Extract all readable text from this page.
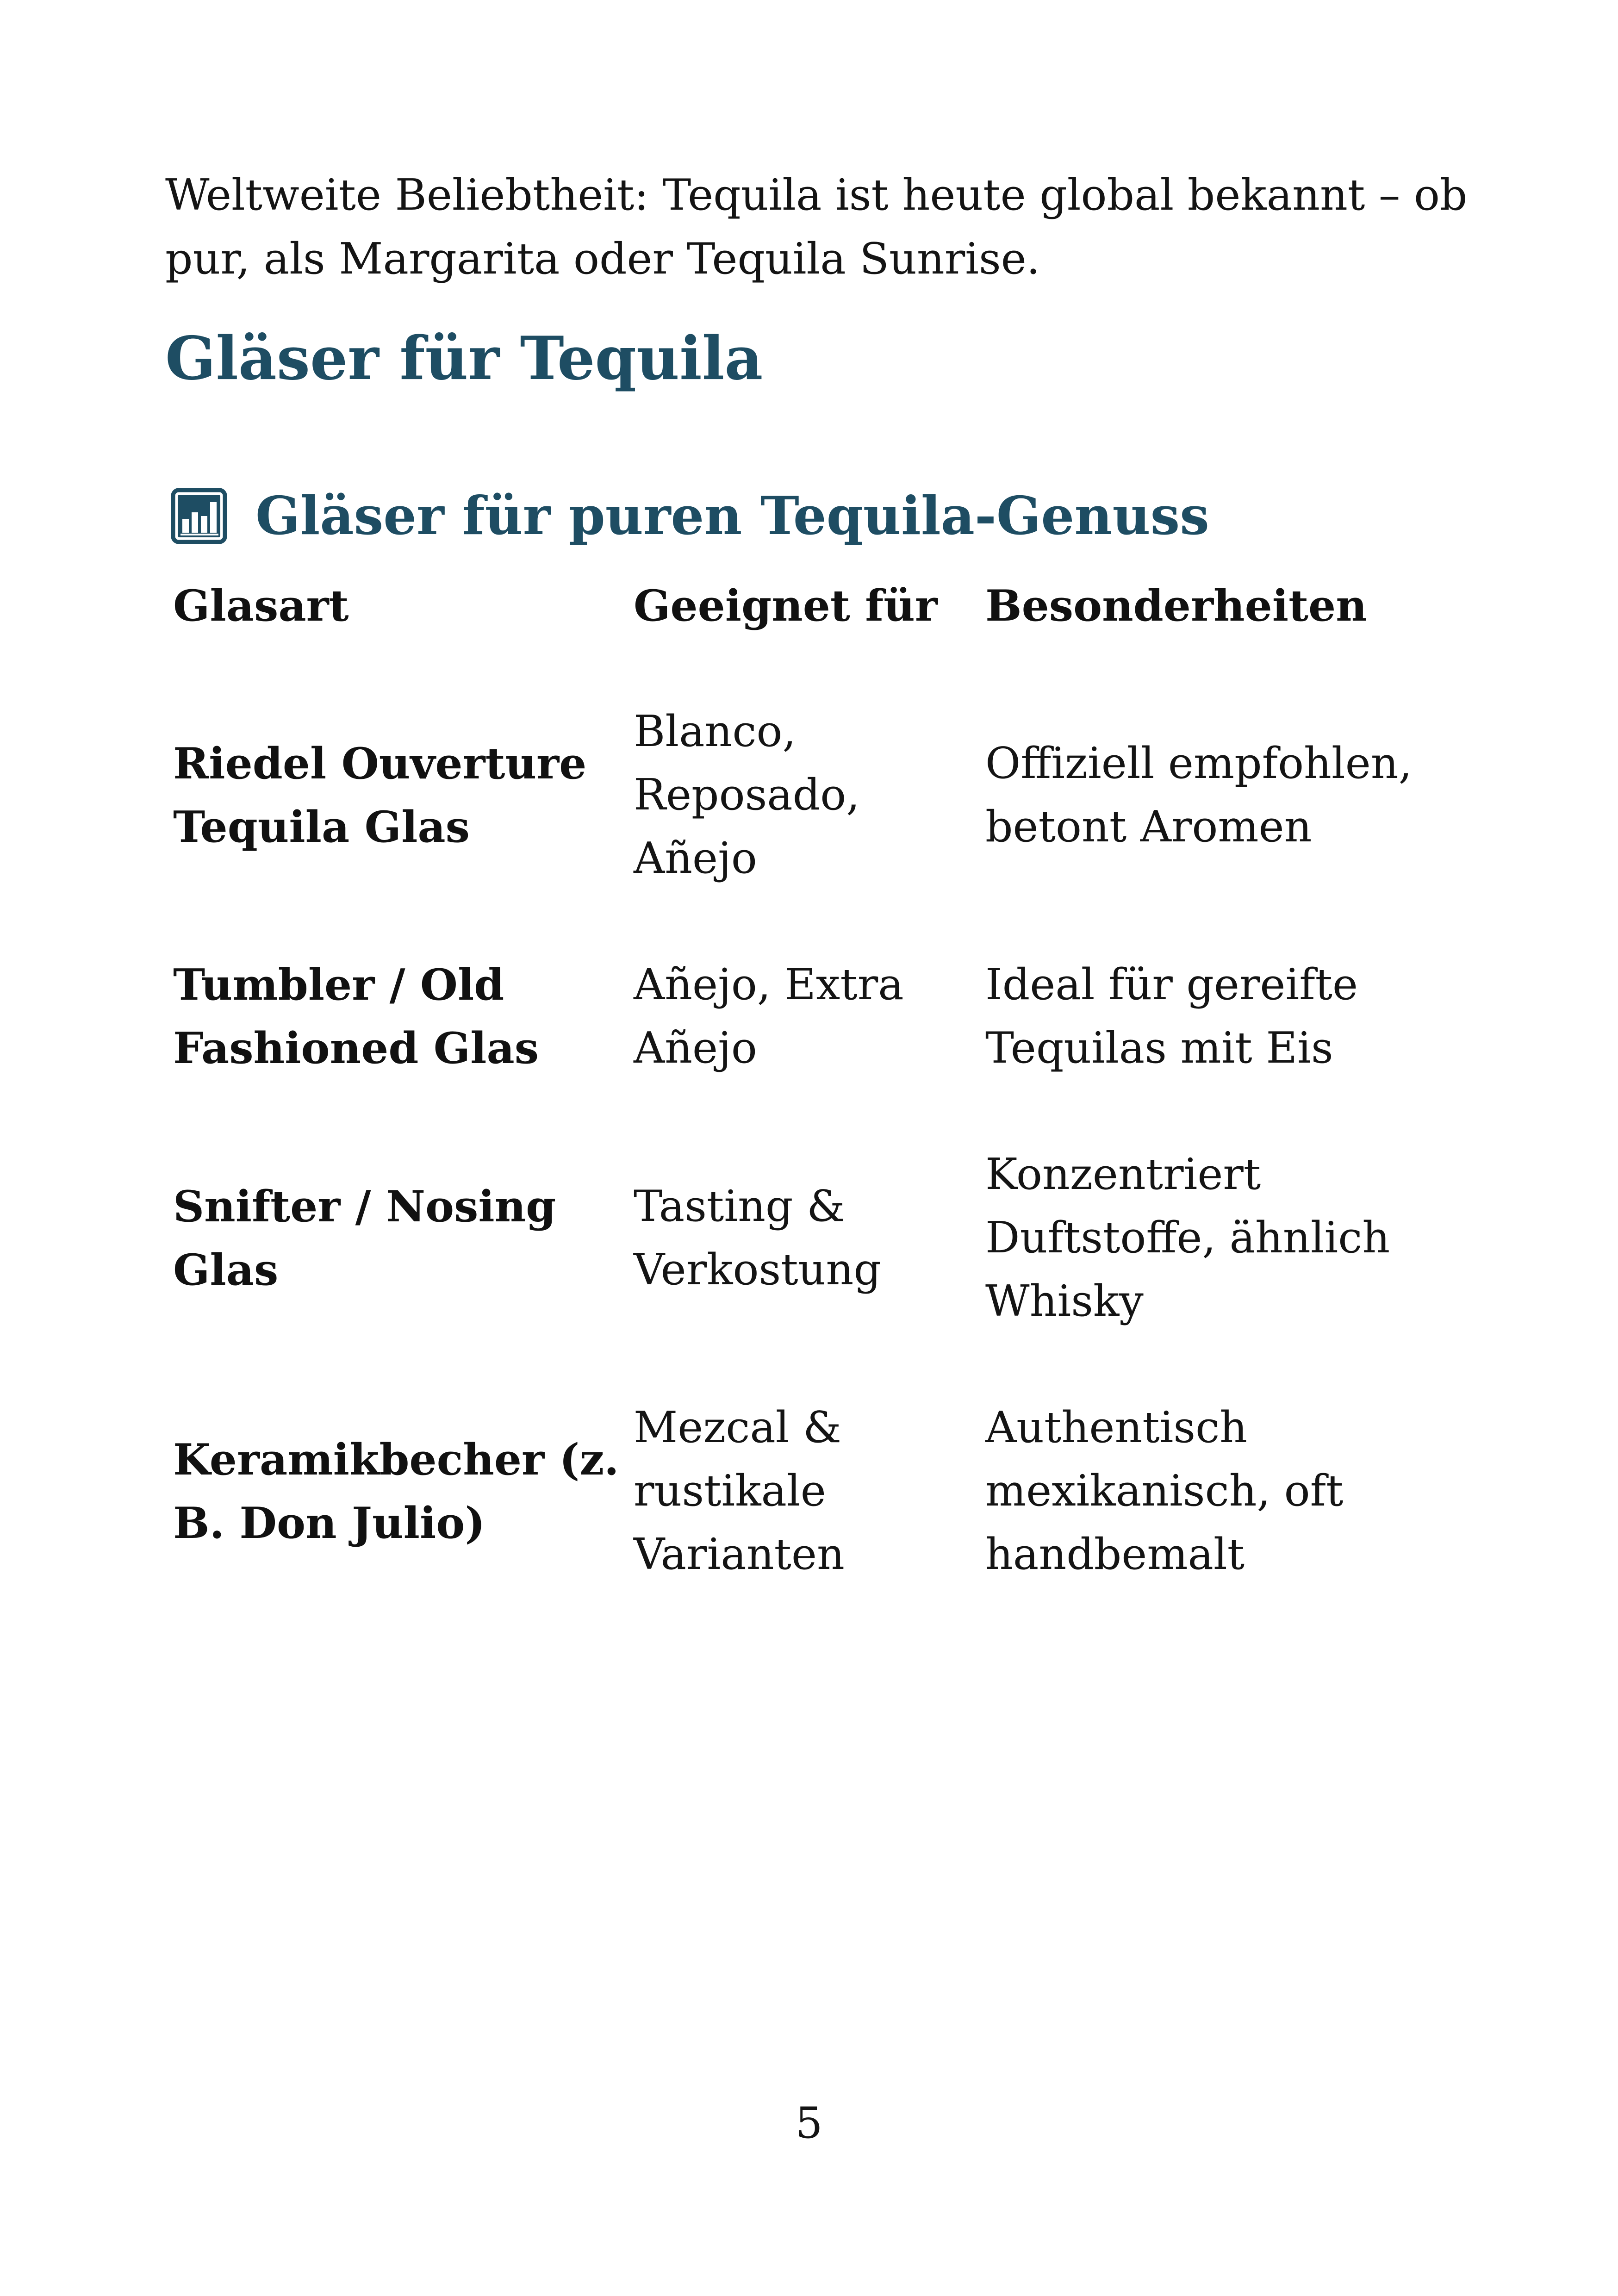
Weltweite Beliebtheit: Tequila ist heute global bekannt – ob pur, als Margarita oder Tequila Sunrise.

Gläser für Tequila
Gläser für puren Tequila-Genuss
Glasart	Geeignet für	Besonderheiten
Riedel Ouverture Tequila Glas	Blanco, Reposado, Añejo	Offiziell empfohlen, betont Aromen
Tumbler / Old Fashioned Glas	Añejo, Extra Añejo	Ideal für gereifte Tequilas mit Eis
Snifter / Nosing Glas	Tasting & Verkostung	Konzentriert Duftstoffe, ähnlich Whisky
Keramikbecher (z. B. Don Julio)	Mezcal & rustikale Varianten	Authentisch mexikanisch, oft handbemalt
5
